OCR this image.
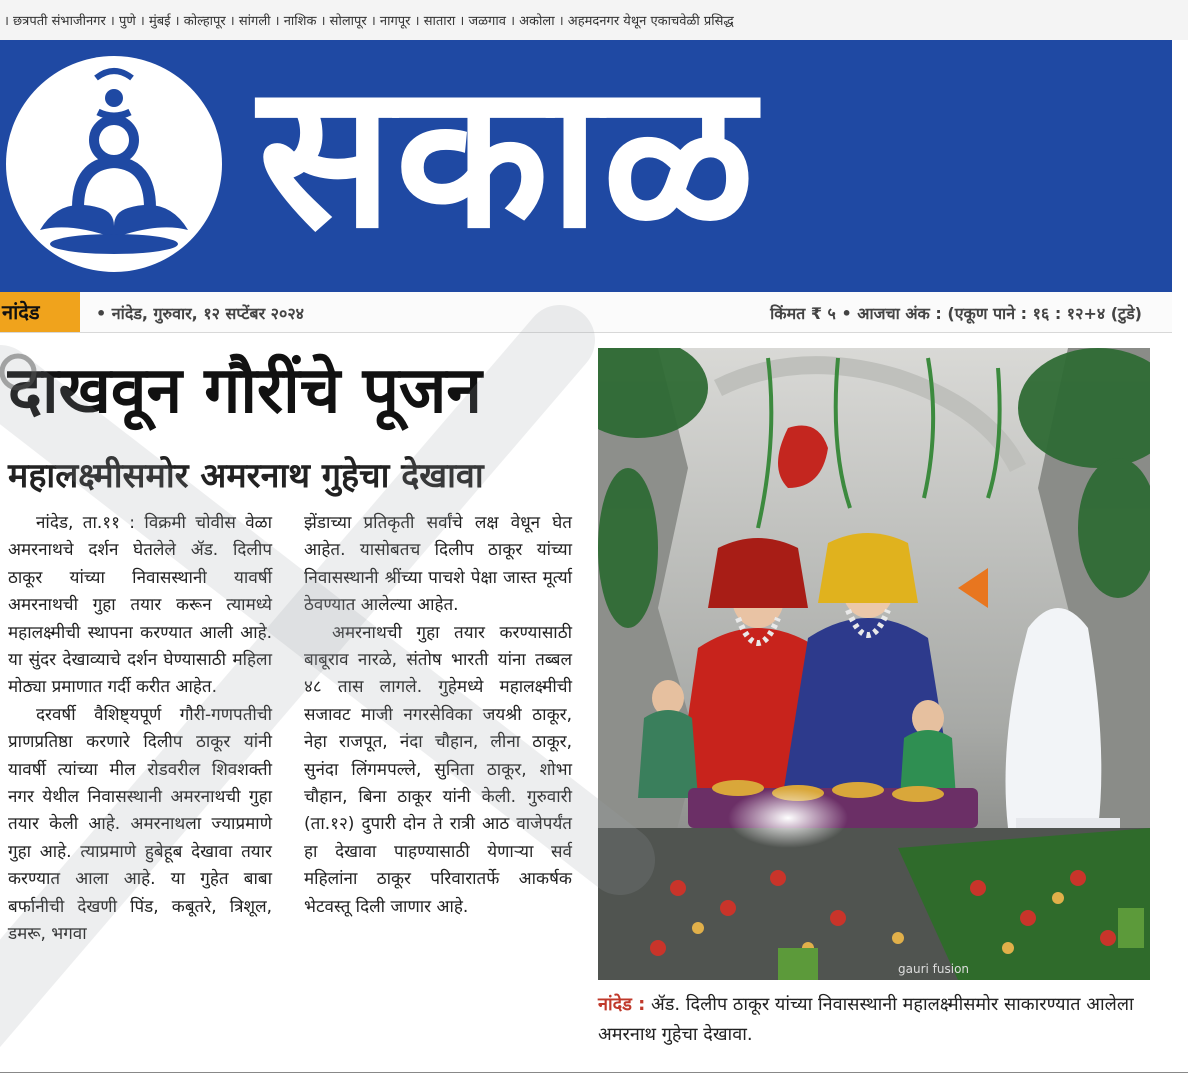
। छत्रपती संभाजीनगर । पुणे । मुंबई । कोल्हापूर । सांगली । नाशिक । सोलापूर । नागपूर । सातारा । जळगाव । अकोला । अहमदनगर येथून एकाचवेळी प्रसिद्ध
सकाळ
नांदेड	• नांदेड, गुरुवार, १२ सप्टेंबर २०२४	किंमत ₹ ५ • आजचा अंक : (एकूण पाने : १६ : १२+४ (टुडे)
दाखवून गौरींचे पूजन
महालक्ष्मीसमोर अमरनाथ गुहेचा देखावा

नांदेड, ता.११ : विक्रमी चोवीस वेळा अमरनाथचे दर्शन घेतलेले ॲड. दिलीप ठाकूर यांच्या निवासस्थानी यावर्षी अमरनाथची गुहा तयार करून त्यामध्ये महालक्ष्मीची स्थापना करण्यात आली आहे. या सुंदर देखाव्याचे दर्शन घेण्यासाठी महिला मोठ्या प्रमाणात गर्दी करीत आहेत.

दरवर्षी वैशिष्ट्यपूर्ण गौरी-गणपतीची प्राणप्रतिष्ठा करणारे दिलीप ठाकूर यांनी यावर्षी त्यांच्या मील रोडवरील शिवशक्ती नगर येथील निवासस्थानी अमरनाथची गुहा तयार केली आहे. अमरनाथला ज्याप्रमाणे गुहा आहे. त्याप्रमाणे हुबेहूब देखावा तयार करण्यात आला आहे. या गुहेत बाबा बर्फानीची देखणी पिंड, कबूतरे, त्रिशूल, डमरू, भगवा

झेंडाच्या प्रतिकृती सर्वांचे लक्ष वेधून घेत आहेत. यासोबतच दिलीप ठाकूर यांच्या निवासस्थानी श्रींच्या पाचशे पेक्षा जास्त मूर्त्या ठेवण्यात आलेल्या आहेत.

अमरनाथची गुहा तयार करण्यासाठी बाबूराव नारळे, संतोष भारती यांना तब्बल ४८ तास लागले. गुहेमध्ये महालक्ष्मीची सजावट माजी नगरसेविका जयश्री ठाकूर, नेहा राजपूत, नंदा चौहान, लीना ठाकूर, सुनंदा लिंगमपल्ले, सुनिता ठाकूर, शोभा चौहान, बिना ठाकूर यांनी केली. गुरुवारी (ता.१२) दुपारी दोन ते रात्री आठ वाजेपर्यंत हा देखावा पाहण्यासाठी येणाऱ्या सर्व महिलांना ठाकूर परिवारातर्फे आकर्षक भेटवस्तू दिली जाणार आहे.

gauri fusion
नांदेड : ॲड. दिलीप ठाकूर यांच्या निवासस्थानी महालक्ष्मीसमोर साकारण्यात आलेला अमरनाथ गुहेचा देखावा.
